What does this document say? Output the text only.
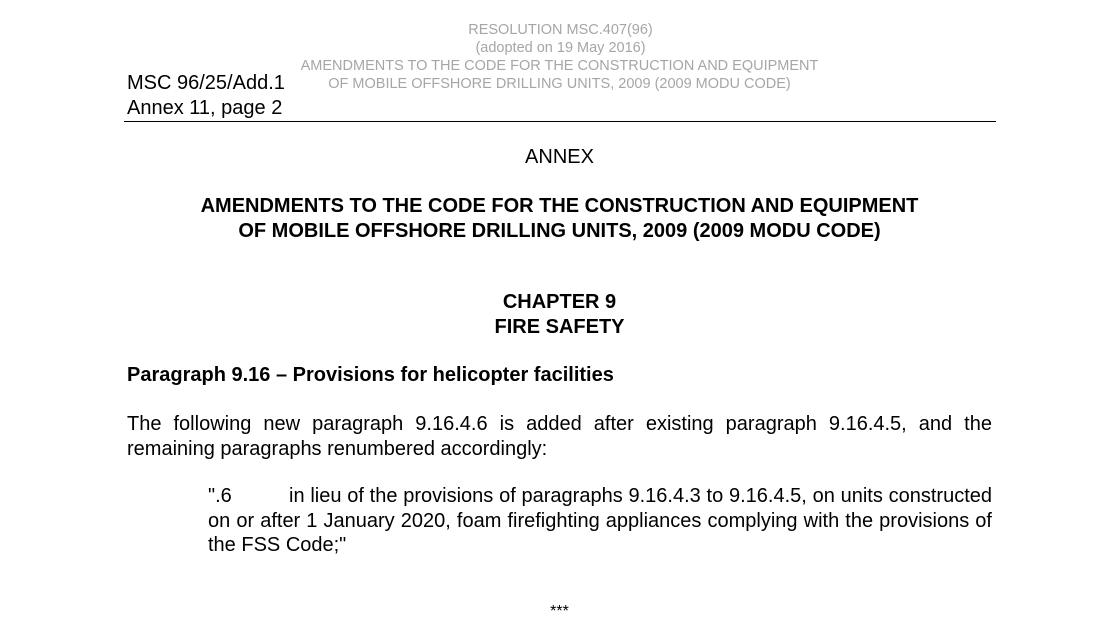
RESOLUTION MSC.407(96)
(adopted on 19 May 2016)
AMENDMENTS TO THE CODE FOR THE CONSTRUCTION AND EQUIPMENT
OF MOBILE OFFSHORE DRILLING UNITS, 2009 (2009 MODU CODE)
MSC 96/25/Add.1
Annex 11, page 2
ANNEX
AMENDMENTS TO THE CODE FOR THE CONSTRUCTION AND EQUIPMENT
OF MOBILE OFFSHORE DRILLING UNITS, 2009 (2009 MODU CODE)
CHAPTER 9
FIRE SAFETY
Paragraph 9.16 – Provisions for helicopter facilities
The following new paragraph 9.16.4.6 is added after existing paragraph 9.16.4.5, and the remaining paragraphs renumbered accordingly:
".6	in lieu of the provisions of paragraphs 9.16.4.3 to 9.16.4.5, on units constructed on or after 1 January 2020, foam firefighting appliances complying with the provisions of the FSS Code;"
***
